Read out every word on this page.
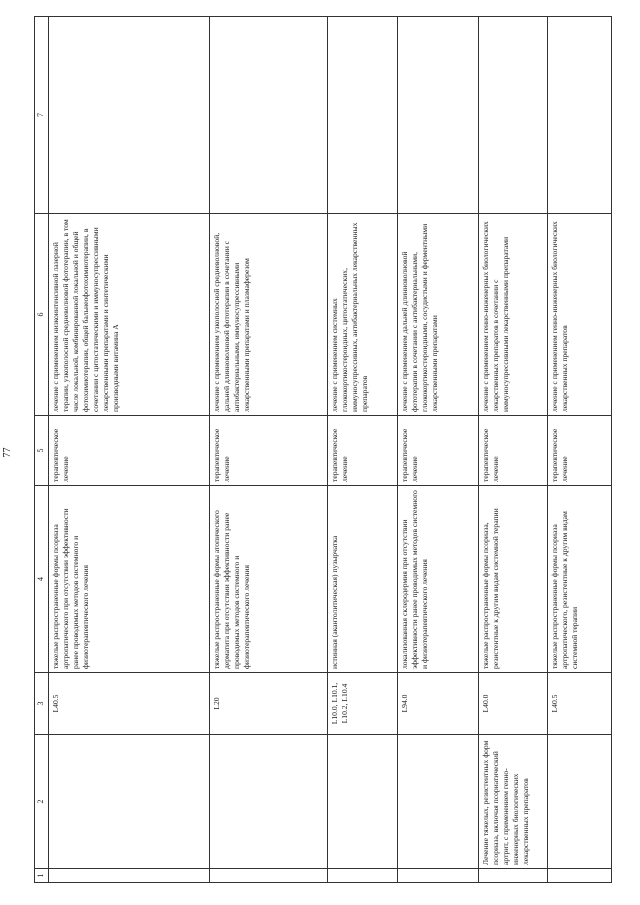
77
1	2	3	4	5	6	7
		L40.5	тяжелые распространенные формы псориаза артропатического при отсутствии эффективности ранее проводимых методов системного и физиотерапевтического лечения	терапевтическое лечение	лечение с применением низкоинтенсивной лазерной терапии, узкополосной средневолновой фототерапии, в том числе локальной, комбинированной локальной и общей фотохимиотерапии, общей бальнеофотохимиотерапии, в сочетании с цитостатическими и иммуносупрессивными лекарственными препаратами и синтетическими производными витамина А	
		L20	тяжелые распространенные формы атопического дерматита при отсутствии эффективности ранее проводимых методов системного и физиотерапевтического лечения	терапевтическое лечение	лечение с применением узкополосной средневолновой, дальней длинноволновой фототерапии в сочетании с антибактериальными, иммуносупрессивными лекарственными препаратами и плазмаферезом	
		L10.0, L10.1, L10.2, L10.4	истинная (акантолитическая) пузырчатка	терапевтическое лечение	лечение с применением системных глюкокортикостероидных, цитостатических, иммуносупрессивных, антибактериальных лекарственных препаратов	
		L94.0	локализованная склеродермия при отсутствии эффективности ранее проводимых методов системного и физиотерапевтического лечения	терапевтическое лечение	лечение с применением дальней длинноволновой фототерапии в сочетании с антибактериальными, глюкокортикостероидными, сосудистыми и ферментными лекарственными препаратами	
	Лечение тяжелых, резистентных форм псориаза, включая псориатический артрит, с применением генно-инженерных биологических лекарственных препаратов	L40.0	тяжелые распространенные формы псориаза, резистентные к другим видам системной терапии	терапевтическое лечение	лечение с применением генно-инженерных биологических лекарственных препаратов в сочетании с иммуносупрессивными лекарственными препаратами	
		L40.5	тяжелые распространенные формы псориаза артропатического, резистентные к другим видам системной терапии	терапевтическое лечение	лечение с применением генно-инженерных биологических лекарственных препаратов	
